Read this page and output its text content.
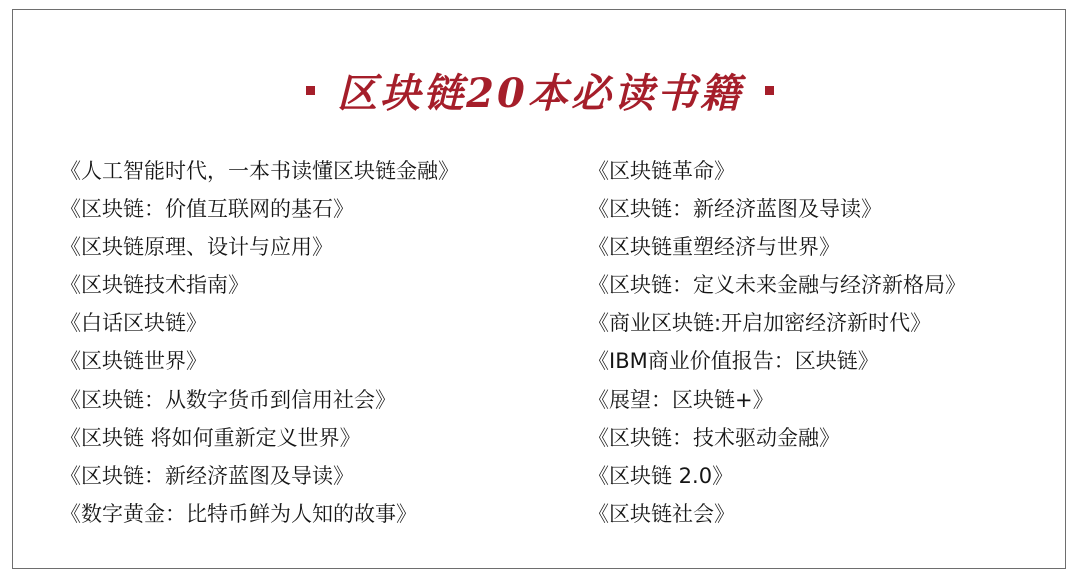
区块链20本必读书籍
《人工智能时代，一本书读懂区块链金融》
《区块链：价值互联网的基石》
《区块链原理、设计与应用》
《区块链技术指南》
《白话区块链》
《区块链世界》
《区块链：从数字货币到信用社会》
《区块链 将如何重新定义世界》
《区块链：新经济蓝图及导读》
《数字黄金：比特币鲜为人知的故事》
《区块链革命》
《区块链：新经济蓝图及导读》
《区块链重塑经济与世界》
《区块链：定义未来金融与经济新格局》
《商业区块链:开启加密经济新时代》
《IBM商业价值报告：区块链》
《展望：区块链+》
《区块链：技术驱动金融》
《区块链 2.0》
《区块链社会》
